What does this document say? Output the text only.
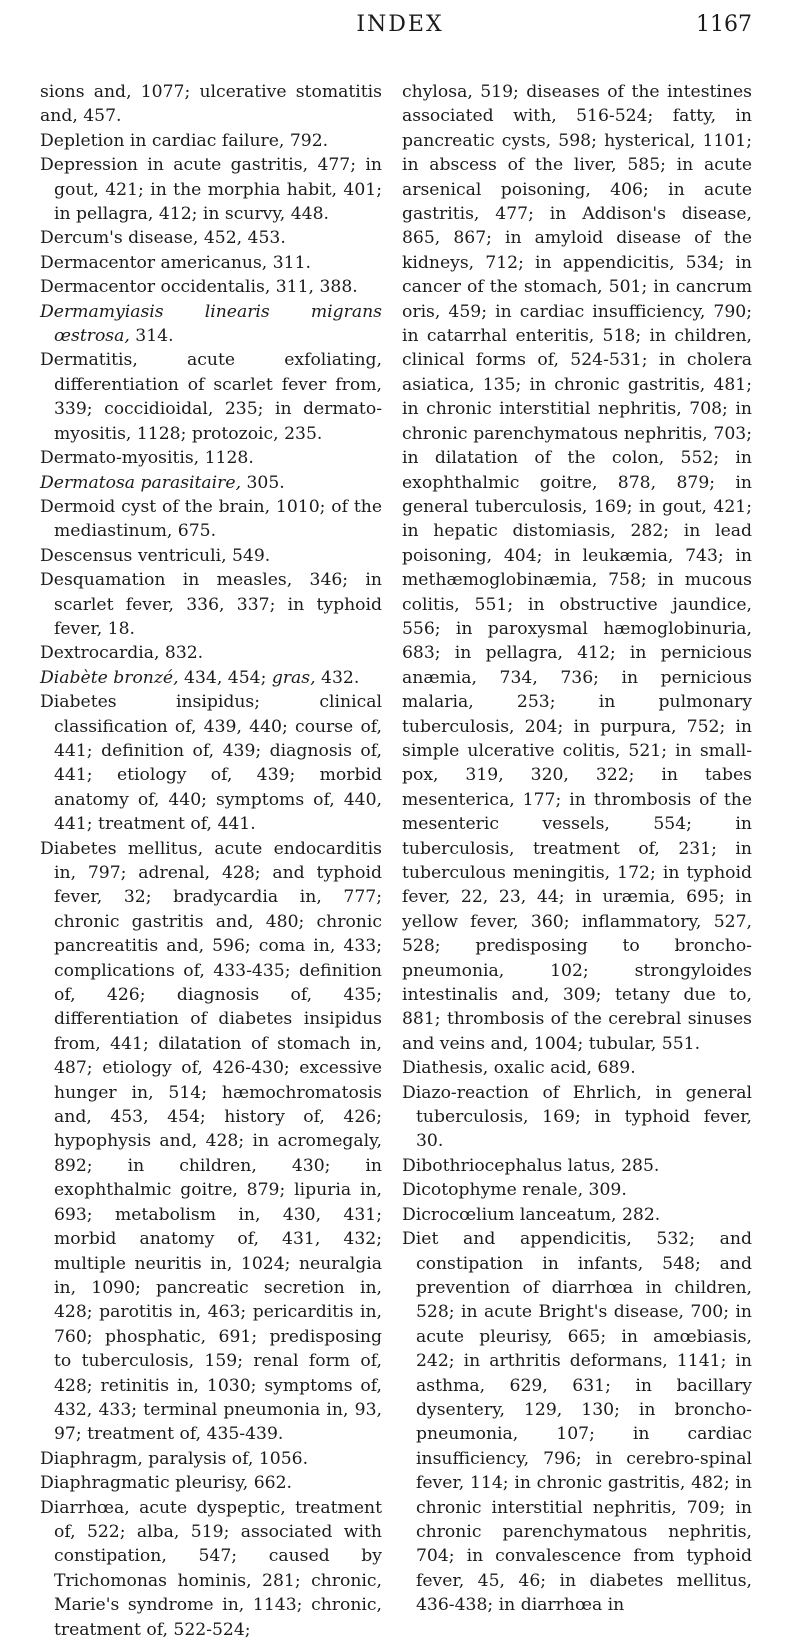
INDEX	1167

sions and, 1077; ulcerative stomatitis and, 457.

Depletion in cardiac failure, 792.

Depression in acute gastritis, 477; in gout, 421; in the morphia habit, 401; in pellagra, 412; in scurvy, 448.

Dercum's disease, 452, 453.

Dermacentor americanus, 311.

Dermacentor occidentalis, 311, 388.

Dermamyiasis linearis migrans œstrosa, 314.

Dermatitis, acute exfoliating, differentiation of scarlet fever from, 339; coccidioidal, 235; in dermato-myositis, 1128; protozoic, 235.

Dermato-myositis, 1128.

Dermatosa parasitaire, 305.

Dermoid cyst of the brain, 1010; of the mediastinum, 675.

Descensus ventriculi, 549.

Desquamation in measles, 346; in scarlet fever, 336, 337; in typhoid fever, 18.

Dextrocardia, 832.

Diabète bronzé, 434, 454; gras, 432.

Diabetes insipidus; clinical classification of, 439, 440; course of, 441; definition of, 439; diagnosis of, 441; etiology of, 439; morbid anatomy of, 440; symptoms of, 440, 441; treatment of, 441.

Diabetes mellitus, acute endocarditis in, 797; adrenal, 428; and typhoid fever, 32; bradycardia in, 777; chronic gastritis and, 480; chronic pancreatitis and, 596; coma in, 433; complications of, 433-435; definition of, 426; diagnosis of, 435; differentiation of diabetes insipidus from, 441; dilatation of stomach in, 487; etiology of, 426-430; excessive hunger in, 514; hæmochromatosis and, 453, 454; history of, 426; hypophysis and, 428; in acromegaly, 892; in children, 430; in exophthalmic goitre, 879; lipuria in, 693; metabolism in, 430, 431; morbid anatomy of, 431, 432; multiple neuritis in, 1024; neuralgia in, 1090; pancreatic secretion in, 428; parotitis in, 463; pericarditis in, 760; phosphatic, 691; predisposing to tuberculosis, 159; renal form of, 428; retinitis in, 1030; symptoms of, 432, 433; terminal pneumonia in, 93, 97; treatment of, 435-439.

Diaphragm, paralysis of, 1056.

Diaphragmatic pleurisy, 662.

Diarrhœa, acute dyspeptic, treatment of, 522; alba, 519; associated with constipation, 547; caused by Trichomonas hominis, 281; chronic, Marie's syndrome in, 1143; chronic, treatment of, 522-524;

chylosa, 519; diseases of the intestines associated with, 516-524; fatty, in pancreatic cysts, 598; hysterical, 1101; in abscess of the liver, 585; in acute arsenical poisoning, 406; in acute gastritis, 477; in Addison's disease, 865, 867; in amyloid disease of the kidneys, 712; in appendicitis, 534; in cancer of the stomach, 501; in cancrum oris, 459; in cardiac insufficiency, 790; in catarrhal enteritis, 518; in children, clinical forms of, 524-531; in cholera asiatica, 135; in chronic gastritis, 481; in chronic interstitial nephritis, 708; in chronic parenchymatous nephritis, 703; in dilatation of the colon, 552; in exophthalmic goitre, 878, 879; in general tuberculosis, 169; in gout, 421; in hepatic distomiasis, 282; in lead poisoning, 404; in leukæmia, 743; in methæmoglobinæmia, 758; in mucous colitis, 551; in obstructive jaundice, 556; in paroxysmal hæmoglobinuria, 683; in pellagra, 412; in pernicious anæmia, 734, 736; in pernicious malaria, 253; in pulmonary tuberculosis, 204; in purpura, 752; in simple ulcerative colitis, 521; in small-pox, 319, 320, 322; in tabes mesenterica, 177; in thrombosis of the mesenteric vessels, 554; in tuberculosis, treatment of, 231; in tuberculous meningitis, 172; in typhoid fever, 22, 23, 44; in uræmia, 695; in yellow fever, 360; inflammatory, 527, 528; predisposing to broncho-pneumonia, 102; strongyloides intestinalis and, 309; tetany due to, 881; thrombosis of the cerebral sinuses and veins and, 1004; tubular, 551.

Diathesis, oxalic acid, 689.

Diazo-reaction of Ehrlich, in general tuberculosis, 169; in typhoid fever, 30.

Dibothriocephalus latus, 285.

Dicotophyme renale, 309.

Dicrocœlium lanceatum, 282.

Diet and appendicitis, 532; and constipation in infants, 548; and prevention of diarrhœa in children, 528; in acute Bright's disease, 700; in acute pleurisy, 665; in amœbiasis, 242; in arthritis deformans, 1141; in asthma, 629, 631; in bacillary dysentery, 129, 130; in broncho-pneumonia, 107; in cardiac insufficiency, 796; in cerebro-spinal fever, 114; in chronic gastritis, 482; in chronic interstitial nephritis, 709; in chronic parenchymatous nephritis, 704; in convalescence from typhoid fever, 45, 46; in diabetes mellitus, 436-438; in diarrhœa in
